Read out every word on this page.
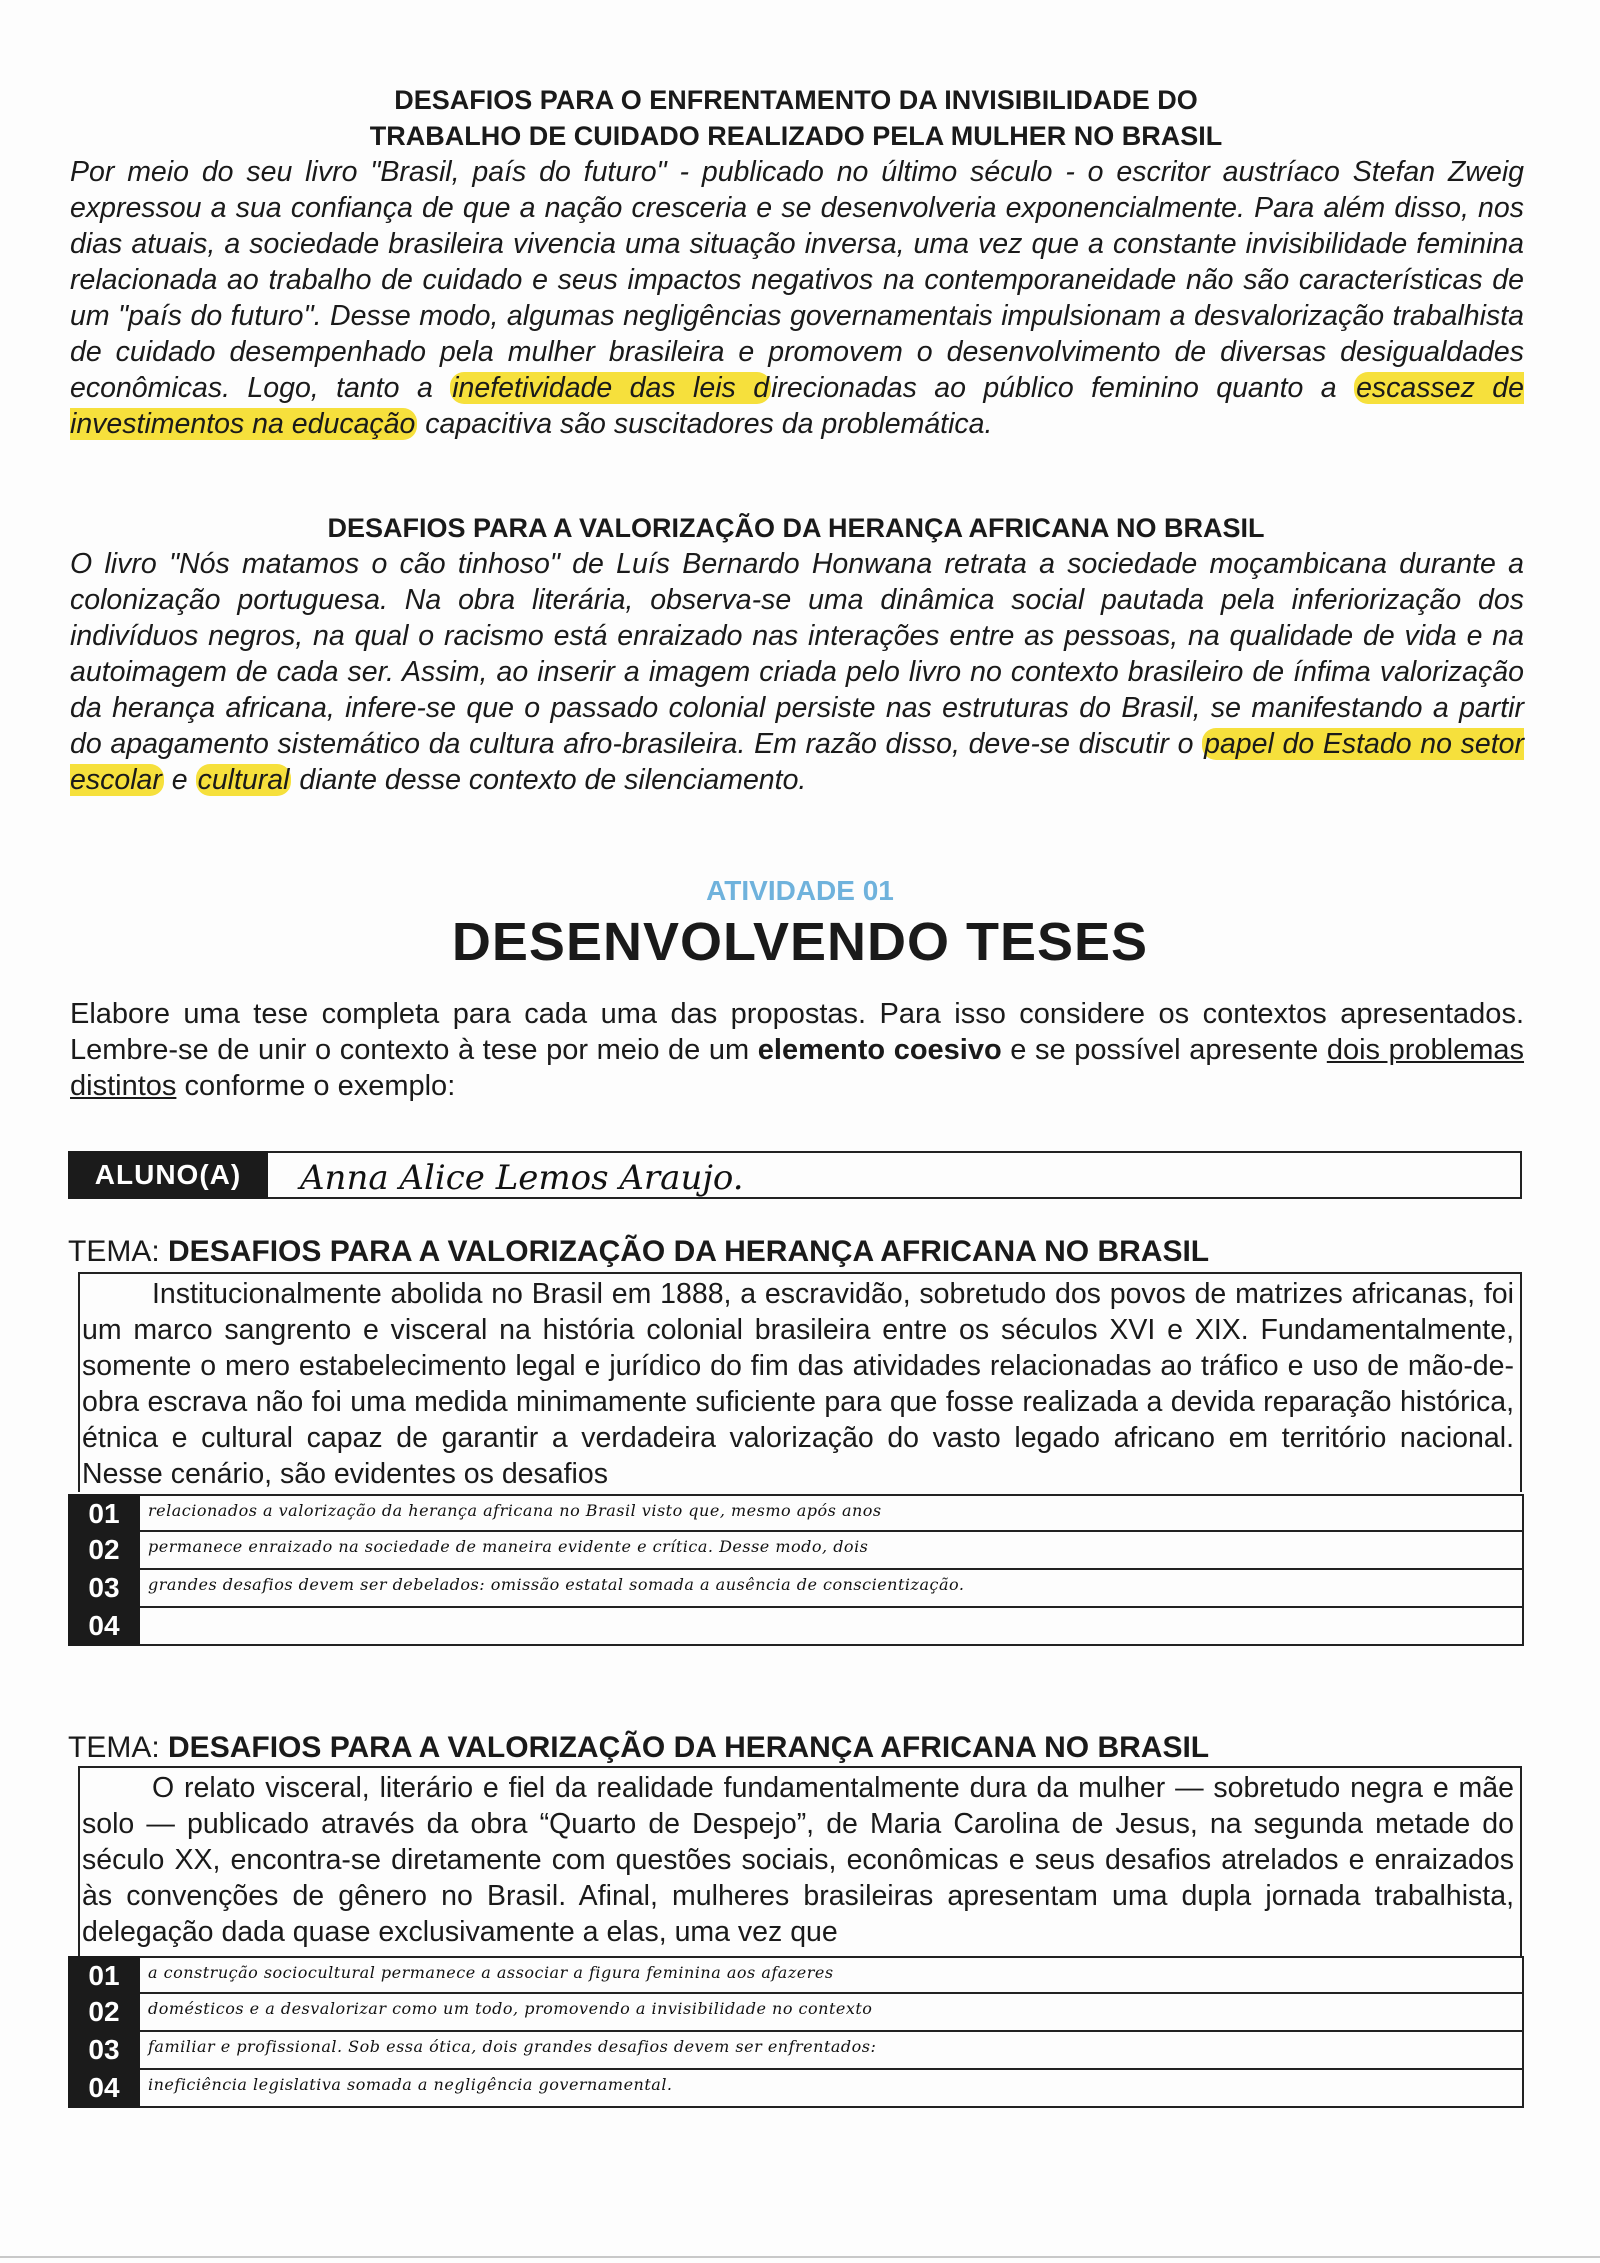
DESAFIOS PARA O ENFRENTAMENTO DA INVISIBILIDADE DO
TRABALHO DE CUIDADO REALIZADO PELA MULHER NO BRASIL

Por meio do seu livro "Brasil, país do futuro" - publicado no último século - o escritor austríaco Stefan Zweig expressou a sua confiança de que a nação cresceria e se desenvolveria exponencialmente. Para além disso, nos dias atuais, a sociedade brasileira vivencia uma situação inversa, uma vez que a constante invisibilidade feminina relacionada ao trabalho de cuidado e seus impactos negativos na contemporaneidade não são características de um "país do futuro". Desse modo, algumas negligências governamentais impulsionam a desvalorização trabalhista de cuidado desempenhado pela mulher brasileira e promovem o desenvolvimento de diversas desigualdades econômicas. Logo, tanto a inefetividade das leis direcionadas ao público feminino quanto a escassez de investimentos na educação capacitiva são suscitadores da problemática.

DESAFIOS PARA A VALORIZAÇÃO DA HERANÇA AFRICANA NO BRASIL

O livro "Nós matamos o cão tinhoso" de Luís Bernardo Honwana retrata a sociedade moçambicana durante a colonização portuguesa. Na obra literária, observa-se uma dinâmica social pautada pela inferiorização dos indivíduos negros, na qual o racismo está enraizado nas interações entre as pessoas, na qualidade de vida e na autoimagem de cada ser. Assim, ao inserir a imagem criada pelo livro no contexto brasileiro de ínfima valorização da herança africana, infere-se que o passado colonial persiste nas estruturas do Brasil, se manifestando a partir do apagamento sistemático da cultura afro-brasileira. Em razão disso, deve-se discutir o papel do Estado no setor escolar e cultural diante desse contexto de silenciamento.

ATIVIDADE 01
DESENVOLVENDO TESES

Elabore uma tese completa para cada uma das propostas. Para isso considere os contextos apresentados. Lembre-se de unir o contexto à tese por meio de um elemento coesivo e se possível apresente dois problemas distintos conforme o exemplo:

ALUNO(A)	Anna Alice Lemos Araujo.

TEMA: DESAFIOS PARA A VALORIZAÇÃO DA HERANÇA AFRICANA NO BRASIL

Institucionalmente abolida no Brasil em 1888, a escravidão, sobretudo dos povos de matrizes africanas, foi um marco sangrento e visceral na história colonial brasileira entre os séculos XVI e XIX. Fundamentalmente, somente o mero estabelecimento legal e jurídico do fim das atividades relacionadas ao tráfico e uso de mão-de-obra escrava não foi uma medida minimamente suficiente para que fosse realizada a devida reparação histórica, étnica e cultural capaz de garantir a verdadeira valorização do vasto legado africano em território nacional. Nesse cenário, são evidentes os desafios

01	relacionados a valorização da herança africana no Brasil visto que, mesmo após anos
02	permanece enraizado na sociedade de maneira evidente e crítica. Desse modo, dois
03	grandes desafios devem ser debelados: omissão estatal somada a ausência de conscientização.
04

TEMA: DESAFIOS PARA A VALORIZAÇÃO DA HERANÇA AFRICANA NO BRASIL

O relato visceral, literário e fiel da realidade fundamentalmente dura da mulher — sobretudo negra e mãe solo — publicado através da obra “Quarto de Despejo”, de Maria Carolina de Jesus, na segunda metade do século XX, encontra-se diretamente com questões sociais, econômicas e seus desafios atrelados e enraizados às convenções de gênero no Brasil. Afinal, mulheres brasileiras apresentam uma dupla jornada trabalhista, delegação dada quase exclusivamente a elas, uma vez que

01	a construção sociocultural permanece a associar a figura feminina aos afazeres
02	domésticos e a desvalorizar como um todo, promovendo a invisibilidade no contexto
03	familiar e profissional. Sob essa ótica, dois grandes desafios devem ser enfrentados:
04	ineficiência legislativa somada a negligência governamental.
